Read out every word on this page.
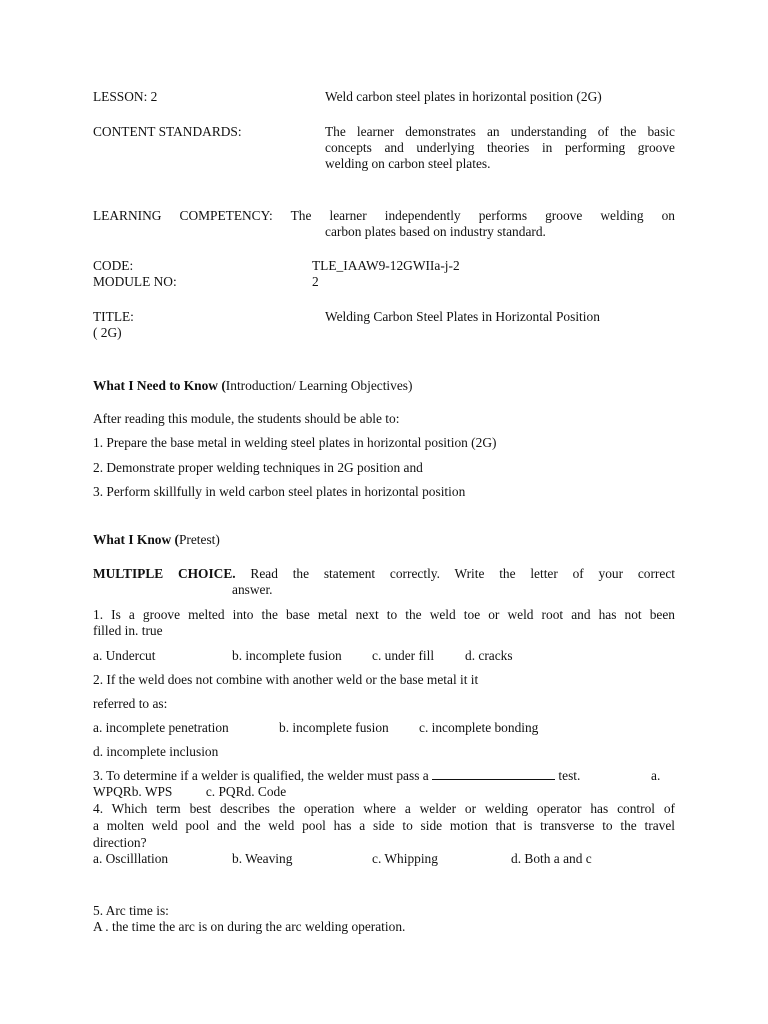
LESSON: 2	Weld carbon steel plates in horizontal position (2G)
CONTENT STANDARDS:	The learner demonstrates an understanding of the basic
concepts and underlying theories in performing groove
welding on carbon steel plates.
LEARNING COMPETENCY: The learner independently performs groove welding on
carbon plates based on industry standard.
CODE:	TLE_IAAW9-12GWIIa-j-2
MODULE NO:	2
TITLE:	Welding Carbon Steel Plates in Horizontal Position
( 2G)
What I Need to Know (Introduction/ Learning Objectives)
After reading this module, the students should be able to:
1. Prepare the base metal in welding steel plates in horizontal position (2G)
2. Demonstrate proper welding techniques in 2G position and
3. Perform skillfully in weld carbon steel plates in horizontal position
What I Know (Pretest)
MULTIPLE CHOICE. Read the statement correctly. Write the letter of your correct
answer.
1. Is a groove melted into the base metal next to the weld toe or weld root and has not been
filled in. true
a. Undercut	b. incomplete fusion c. under fill d. cracks
2. If the weld does not combine with another weld or the base metal it it
referred to as:
a. incomplete penetration	b. incomplete fusion c. incomplete bonding
d. incomplete inclusion
3. To determine if a welder is qualified, the welder must pass a	test.	a.
WPQRb. WPS          c. PQRd. Code
4. Which term best describes the operation where a welder or welding operator has control of
a molten weld pool and the weld pool has a side to side motion that is transverse to the travel
direction?
a. Oscilllation	b. Weaving	c. Whipping	d. Both a and c
5. Arc time is:
A . the time the arc is on during the arc welding operation.
